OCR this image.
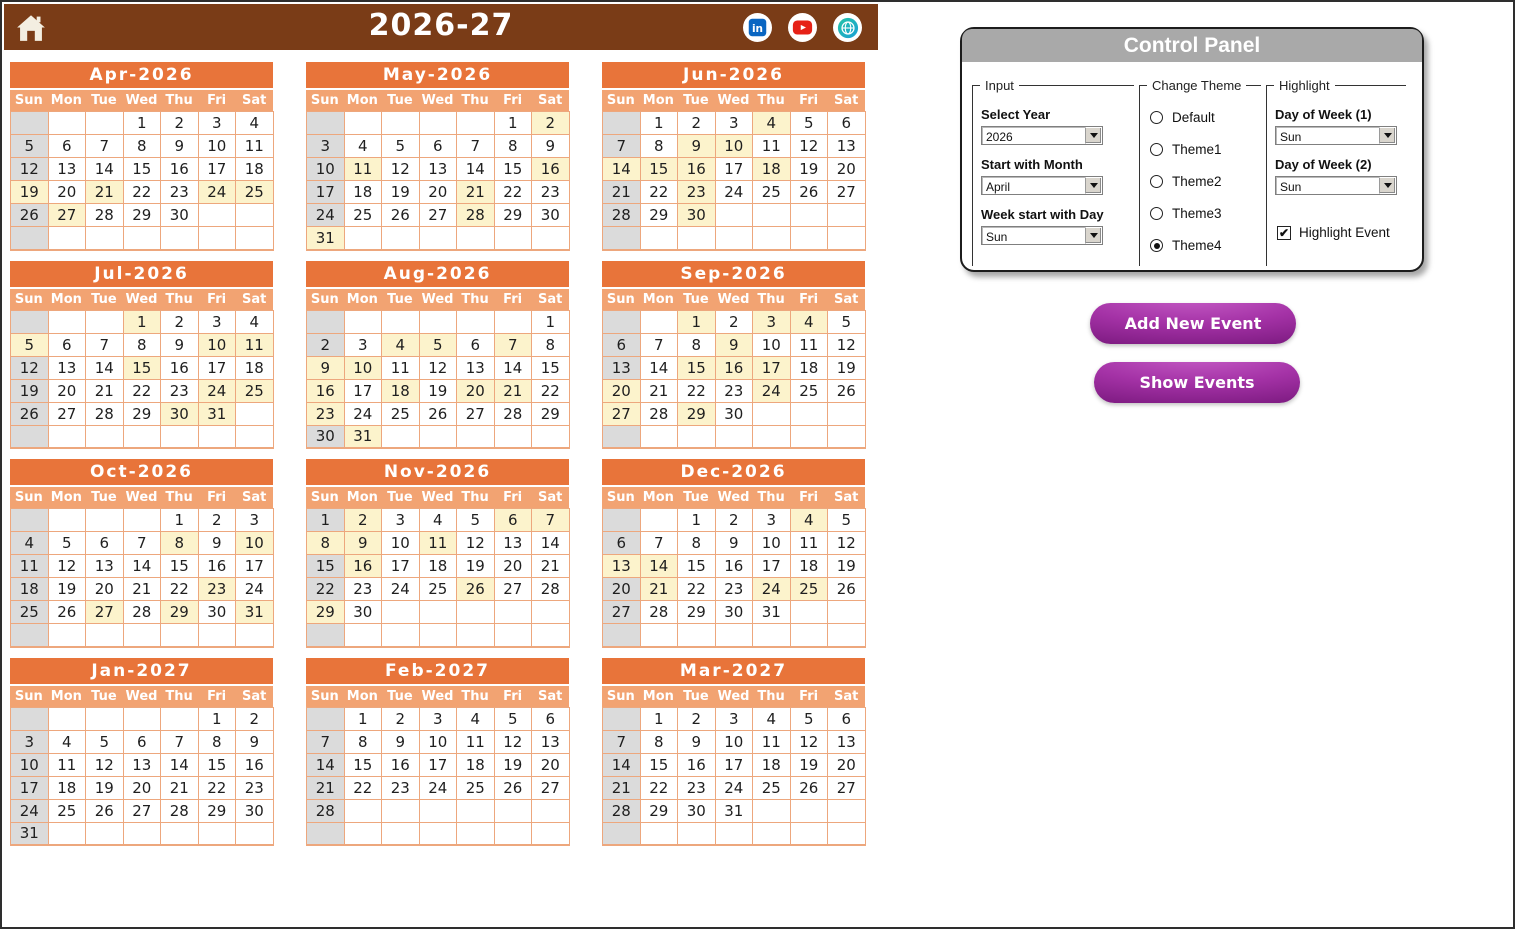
2026-27	in
Apr-2026
Sun Mon Tue Wed Thu	Fri	Sat
			1	2	3	4
5	6	7	8	9	10	11
12	13	14	15	16	17	18
19	20	21	22	23	24	25
26	27	28	29	30		

May-2026
Sun Mon Tue Wed Thu	Fri	Sat
					1	2
3	4	5	6	7	8	9
10	11	12	13	14	15	16
17	18	19	20	21	22	23
24	25	26	27	28	29	30
31						
Jun-2026
Sun Mon Tue Wed Thu	Fri	Sat
	1	2	3	4	5	6
7	8	9	10	11	12	13
14	15	16	17	18	19	20
21	22	23	24	25	26	27
28	29	30				

Jul-2026
Sun Mon Tue Wed Thu	Fri	Sat
			1	2	3	4
5	6	7	8	9	10	11
12	13	14	15	16	17	18
19	20	21	22	23	24	25
26	27	28	29	30	31	

Aug-2026
Sun Mon Tue Wed Thu	Fri	Sat
						1
2	3	4	5	6	7	8
9	10	11	12	13	14	15
16	17	18	19	20	21	22
23	24	25	26	27	28	29
30	31					
Sep-2026
Sun Mon Tue Wed Thu	Fri	Sat
		1	2	3	4	5
6	7	8	9	10	11	12
13	14	15	16	17	18	19
20	21	22	23	24	25	26
27	28	29	30			

Oct-2026
Sun Mon Tue Wed Thu	Fri	Sat
				1	2	3
4	5	6	7	8	9	10
11	12	13	14	15	16	17
18	19	20	21	22	23	24
25	26	27	28	29	30	31

Nov-2026
Sun Mon Tue Wed Thu	Fri	Sat
1	2	3	4	5	6	7
8	9	10	11	12	13	14
15	16	17	18	19	20	21
22	23	24	25	26	27	28
29	30					

Dec-2026
Sun Mon Tue Wed Thu	Fri	Sat
		1	2	3	4	5
6	7	8	9	10	11	12
13	14	15	16	17	18	19
20	21	22	23	24	25	26
27	28	29	30	31		

Jan-2027
Sun Mon Tue Wed Thu	Fri	Sat
					1	2
3	4	5	6	7	8	9
10	11	12	13	14	15	16
17	18	19	20	21	22	23
24	25	26	27	28	29	30
31						
Feb-2027
Sun Mon Tue Wed Thu	Fri	Sat
	1	2	3	4	5	6
7	8	9	10	11	12	13
14	15	16	17	18	19	20
21	22	23	24	25	26	27
28						

Mar-2027
Sun Mon Tue Wed Thu	Fri	Sat
	1	2	3	4	5	6
7	8	9	10	11	12	13
14	15	16	17	18	19	20
21	22	23	24	25	26	27
28	29	30	31			

Control Panel
Input
Select Year
2026
Start with Month
April
Week start with Day
Sun
Change Theme
Default
Theme1
Theme2
Theme3
Theme4
Highlight
Day of Week (1)
Sun
Day of Week (2)
Sun
✔ Highlight Event
Add New Event
Show Events
